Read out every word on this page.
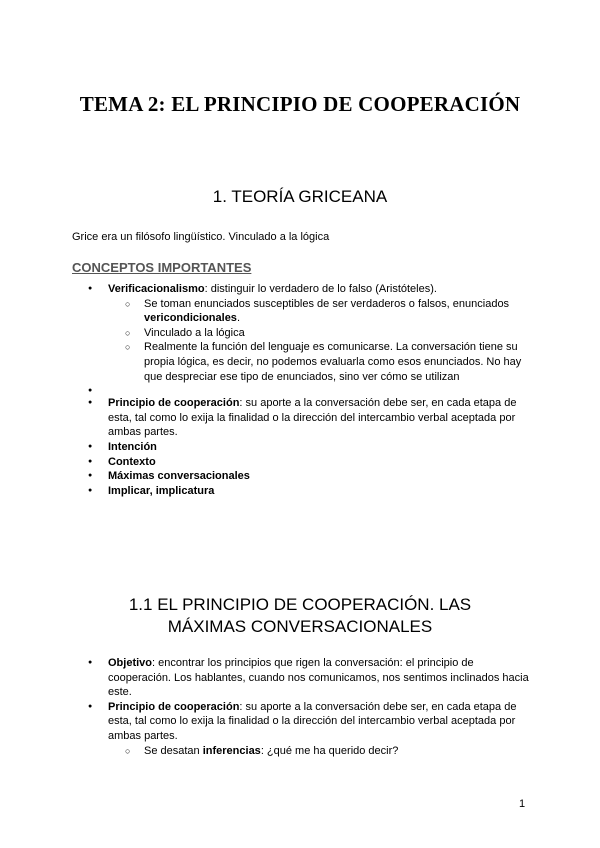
TEMA 2: EL PRINCIPIO DE COOPERACIÓN
1. TEORÍA GRICEANA

Grice era un filósofo lingüístico. Vinculado a la lógica

CONCEPTOS IMPORTANTES
● Verificacionalismo: distinguir lo verdadero de lo falso (Aristóteles).
○ Se toman enunciados susceptibles de ser verdaderos o falsos, enunciados vericondicionales.
○ Vinculado a la lógica
○ Realmente la función del lenguaje es comunicarse. La conversación tiene su propia lógica, es decir, no podemos evaluarla como esos enunciados. No hay que despreciar ese tipo de enunciados, sino ver cómo se utilizan
●
● Principio de cooperación: su aporte a la conversación debe ser, en cada etapa de esta, tal como lo exija la finalidad o la dirección del intercambio verbal aceptada por ambas partes.
● Intención
● Contexto
● Máximas conversacionales
● Implicar, implicatura
1.1 EL PRINCIPIO DE COOPERACIÓN. LAS MÁXIMAS CONVERSACIONALES
● Objetivo: encontrar los principios que rigen la conversación: el principio de cooperación. Los hablantes, cuando nos comunicamos, nos sentimos inclinados hacia este.
● Principio de cooperación: su aporte a la conversación debe ser, en cada etapa de esta, tal como lo exija la finalidad o la dirección del intercambio verbal aceptada por ambas partes.
○ Se desatan inferencias: ¿qué me ha querido decir?
1
